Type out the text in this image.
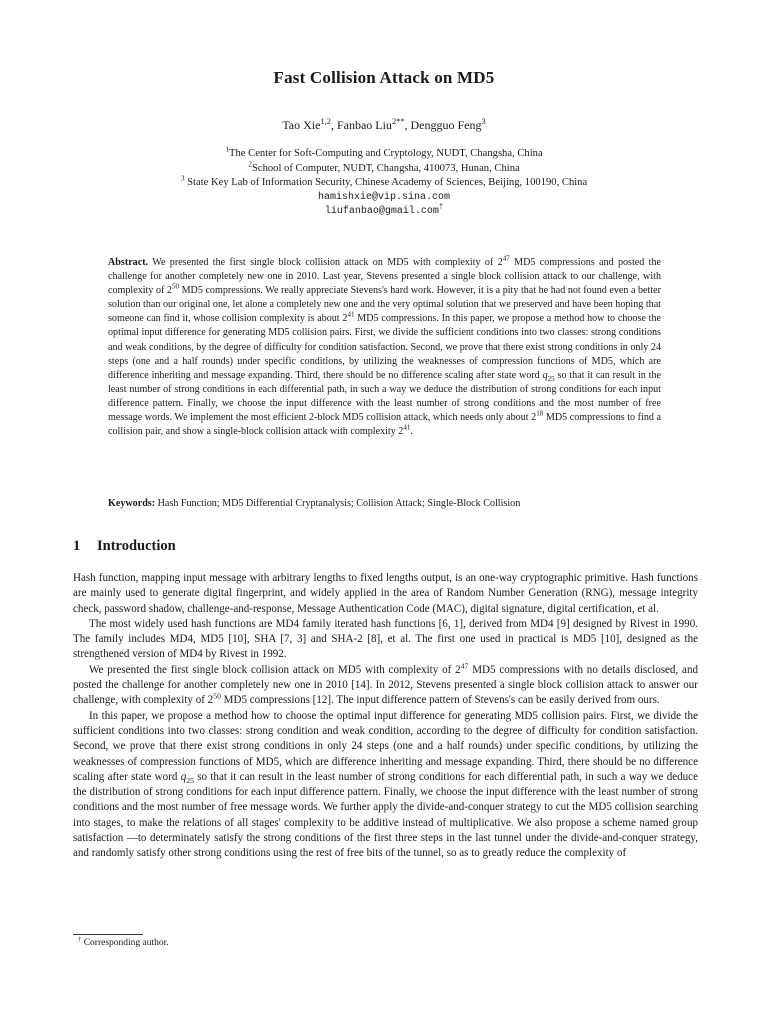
Fast Collision Attack on MD5
Tao Xie$^{1,2}$, Fanbao Liu$^{2**}$, Dengguo Feng$^3$
$^1$The Center for Soft-Computing and Cryptology, NUDT, Changsha, China
$^2$School of Computer, NUDT, Changsha, 410073, Hunan, China
$^3$ State Key Lab of Information Security, Chinese Academy of Sciences, Beijing, 100190, China
hamishxie@vip.sina.com
liufanbao@gmail.com†
Abstract. We presented the first single block collision attack on MD5 with complexity of $2^{47}$ MD5 compressions and posted the challenge for another completely new one in 2010. Last year, Stevens presented a single block collision attack to our challenge, with complexity of $2^{50}$ MD5 compressions. We really appreciate Stevens's hard work. However, it is a pity that he had not found even a better solution than our original one, let alone a completely new one and the very optimal solution that we preserved and have been hoping that someone can find it, whose collision complexity is about $2^{41}$ MD5 compressions. In this paper, we propose a method how to choose the optimal input difference for generating MD5 collision pairs. First, we divide the sufficient conditions into two classes: strong conditions and weak conditions, by the degree of difficulty for condition satisfaction. Second, we prove that there exist strong conditions in only 24 steps (one and a half rounds) under specific conditions, by utilizing the weaknesses of compression functions of MD5, which are difference inheriting and message expanding. Third, there should be no difference scaling after state word $q_{25}$ so that it can result in the least number of strong conditions in each differential path, in such a way we deduce the distribution of strong conditions for each input difference pattern. Finally, we choose the input difference with the least number of strong conditions and the most number of free message words. We implement the most efficient 2-block MD5 collision attack, which needs only about $2^{18}$ MD5 compressions to find a collision pair, and show a single-block collision attack with complexity $2^{41}$.
Keywords: Hash Function; MD5 Differential Cryptanalysis; Collision Attack; Single-Block Collision
1 Introduction

Hash function, mapping input message with arbitrary lengths to fixed lengths output, is an one-way cryptographic primitive. Hash functions are mainly used to generate digital fingerprint, and widely applied in the area of Random Number Generation (RNG), message integrity check, password shadow, challenge-and-response, Message Authentication Code (MAC), digital signature, digital certification, et al.

The most widely used hash functions are MD4 family iterated hash functions [6, 1], derived from MD4 [9] designed by Rivest in 1990. The family includes MD4, MD5 [10], SHA [7, 3] and SHA-2 [8], et al. The first one used in practical is MD5 [10], designed as the strengthened version of MD4 by Rivest in 1992.

We presented the first single block collision attack on MD5 with complexity of $2^{47}$ MD5 compressions with no details disclosed, and posted the challenge for another completely new one in 2010 [14]. In 2012, Stevens presented a single block collision attack to answer our challenge, with complexity of $2^{50}$ MD5 compressions [12]. The input difference pattern of Stevens's can be easily derived from ours.

In this paper, we propose a method how to choose the optimal input difference for generating MD5 collision pairs. First, we divide the sufficient conditions into two classes: strong condition and weak condition, according to the degree of difficulty for condition satisfaction. Second, we prove that there exist strong conditions in only 24 steps (one and a half rounds) under specific conditions, by utilizing the weaknesses of compression functions of MD5, which are difference inheriting and message expanding. Third, there should be no difference scaling after state word $q_{25}$ so that it can result in the least number of strong conditions for each differential path, in such a way we deduce the distribution of strong conditions for each input difference pattern. Finally, we choose the input difference with the least number of strong conditions and the most number of free message words. We further apply the divide-and-conquer strategy to cut the MD5 collision searching into stages, to make the relations of all stages' complexity to be additive instead of multiplicative. We also propose a scheme named group satisfaction —to determinately satisfy the strong conditions of the first three steps in the last tunnel under the divide-and-conquer strategy, and randomly satisfy other strong conditions using the rest of free bits of the tunnel, so as to greatly reduce the complexity of

† Corresponding author.
